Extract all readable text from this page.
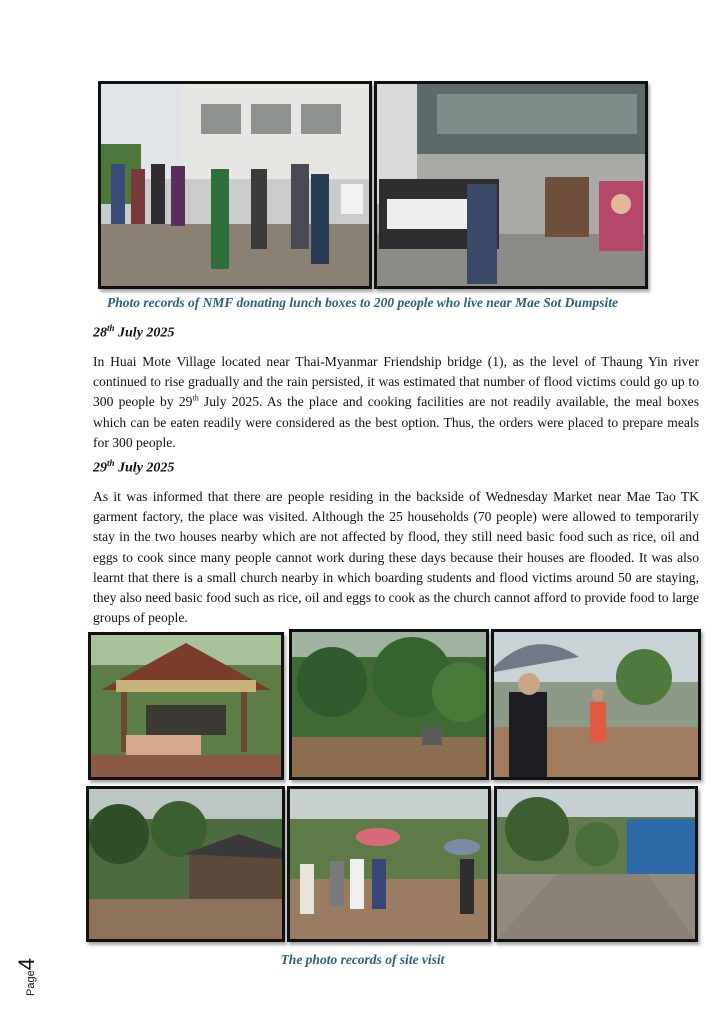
Photo records of NMF donating lunch boxes to 200 people who live near Mae Sot Dumpsite
28th July 2025
In Huai Mote Village located near Thai-Myanmar Friendship bridge (1), as the level of Thaung Yin river continued to rise gradually and the rain persisted, it was estimated that number of flood victims could go up to 300 people by 29th July 2025. As the place and cooking facilities are not readily available, the meal boxes which can be eaten readily were considered as the best option. Thus, the orders were placed to prepare meals for 300 people.
29th July 2025
As it was informed that there are people residing in the backside of Wednesday Market near Mae Tao TK garment factory, the place was visited. Although the 25 households (70 people) were allowed to temporarily stay in the two houses nearby which are not affected by flood, they still need basic food such as rice, oil and eggs to cook since many people cannot work during these days because their houses are flooded. It was also learnt that there is a small church nearby in which boarding students and flood victims around 50 are staying, they also need basic food such as rice, oil and eggs to cook as the church cannot afford to provide food to large groups of people.
The photo records of site visit
Page4
